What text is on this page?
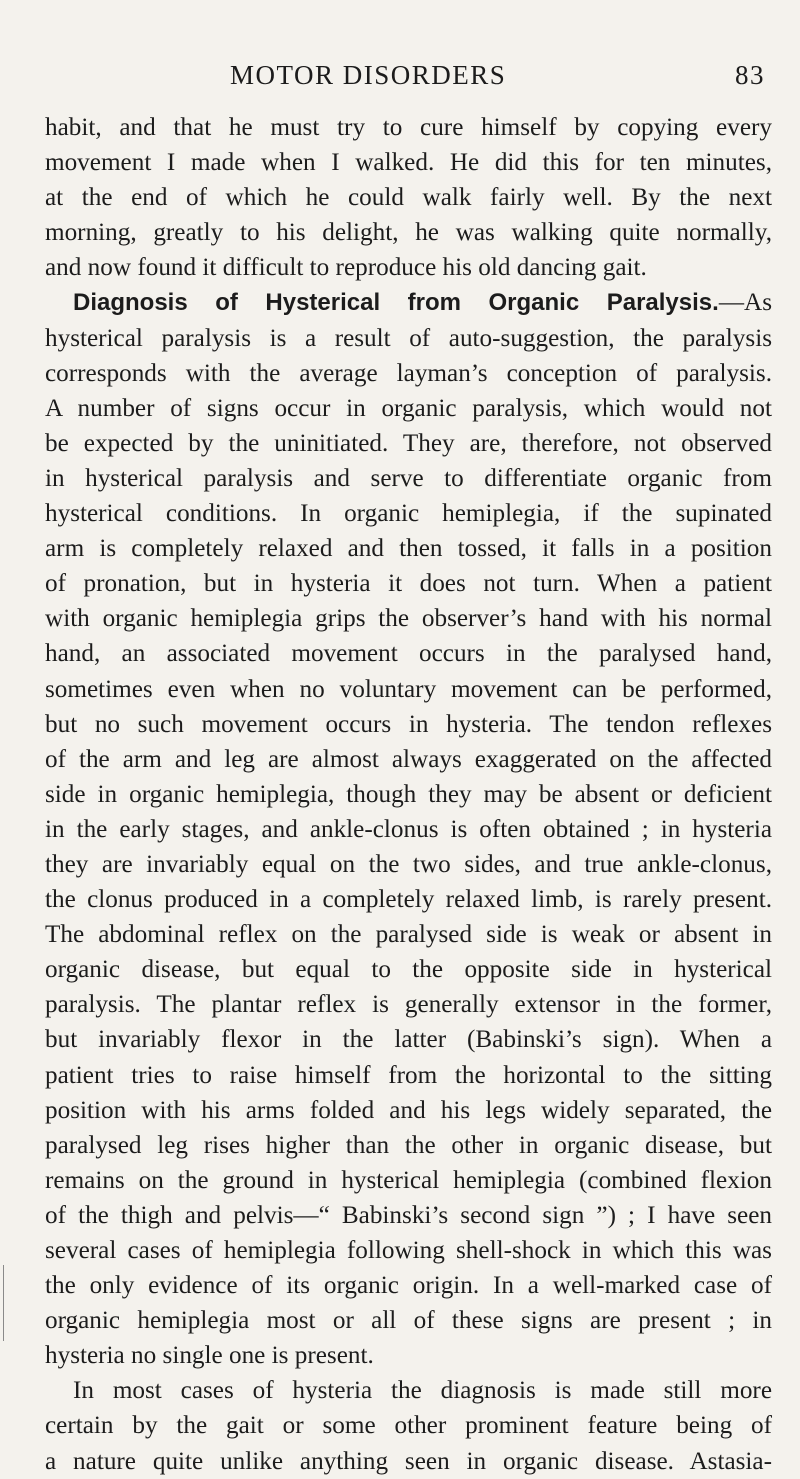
MOTOR DISORDERS	83
habit, and that he must try to cure himself by copying every
movement I made when I walked. He did this for ten minutes,
at the end of which he could walk fairly well. By the next
morning, greatly to his delight, he was walking quite normally,
and now found it difficult to reproduce his old dancing gait.
Diagnosis of Hysterical from Organic Paralysis.—As
hysterical paralysis is a result of auto-suggestion, the paralysis
corresponds with the average layman’s conception of paralysis.
A number of signs occur in organic paralysis, which would not
be expected by the uninitiated. They are, therefore, not observed
in hysterical paralysis and serve to differentiate organic from
hysterical conditions. In organic hemiplegia, if the supinated
arm is completely relaxed and then tossed, it falls in a position
of pronation, but in hysteria it does not turn. When a patient
with organic hemiplegia grips the observer’s hand with his normal
hand, an associated movement occurs in the paralysed hand,
sometimes even when no voluntary movement can be performed,
but no such movement occurs in hysteria. The tendon reflexes
of the arm and leg are almost always exaggerated on the affected
side in organic hemiplegia, though they may be absent or deficient
in the early stages, and ankle-clonus is often obtained ; in hysteria
they are invariably equal on the two sides, and true ankle-clonus,
the clonus produced in a completely relaxed limb, is rarely present.
The abdominal reflex on the paralysed side is weak or absent in
organic disease, but equal to the opposite side in hysterical
paralysis. The plantar reflex is generally extensor in the former,
but invariably flexor in the latter (Babinski’s sign). When a
patient tries to raise himself from the horizontal to the sitting
position with his arms folded and his legs widely separated, the
paralysed leg rises higher than the other in organic disease, but
remains on the ground in hysterical hemiplegia (combined flexion
of the thigh and pelvis—“ Babinski’s second sign ”) ; I have seen
several cases of hemiplegia following shell-shock in which this was
the only evidence of its organic origin. In a well-marked case of
organic hemiplegia most or all of these signs are present ; in
hysteria no single one is present.
In most cases of hysteria the diagnosis is made still more
certain by the gait or some other prominent feature being of
a nature quite unlike anything seen in organic disease. Astasia-
